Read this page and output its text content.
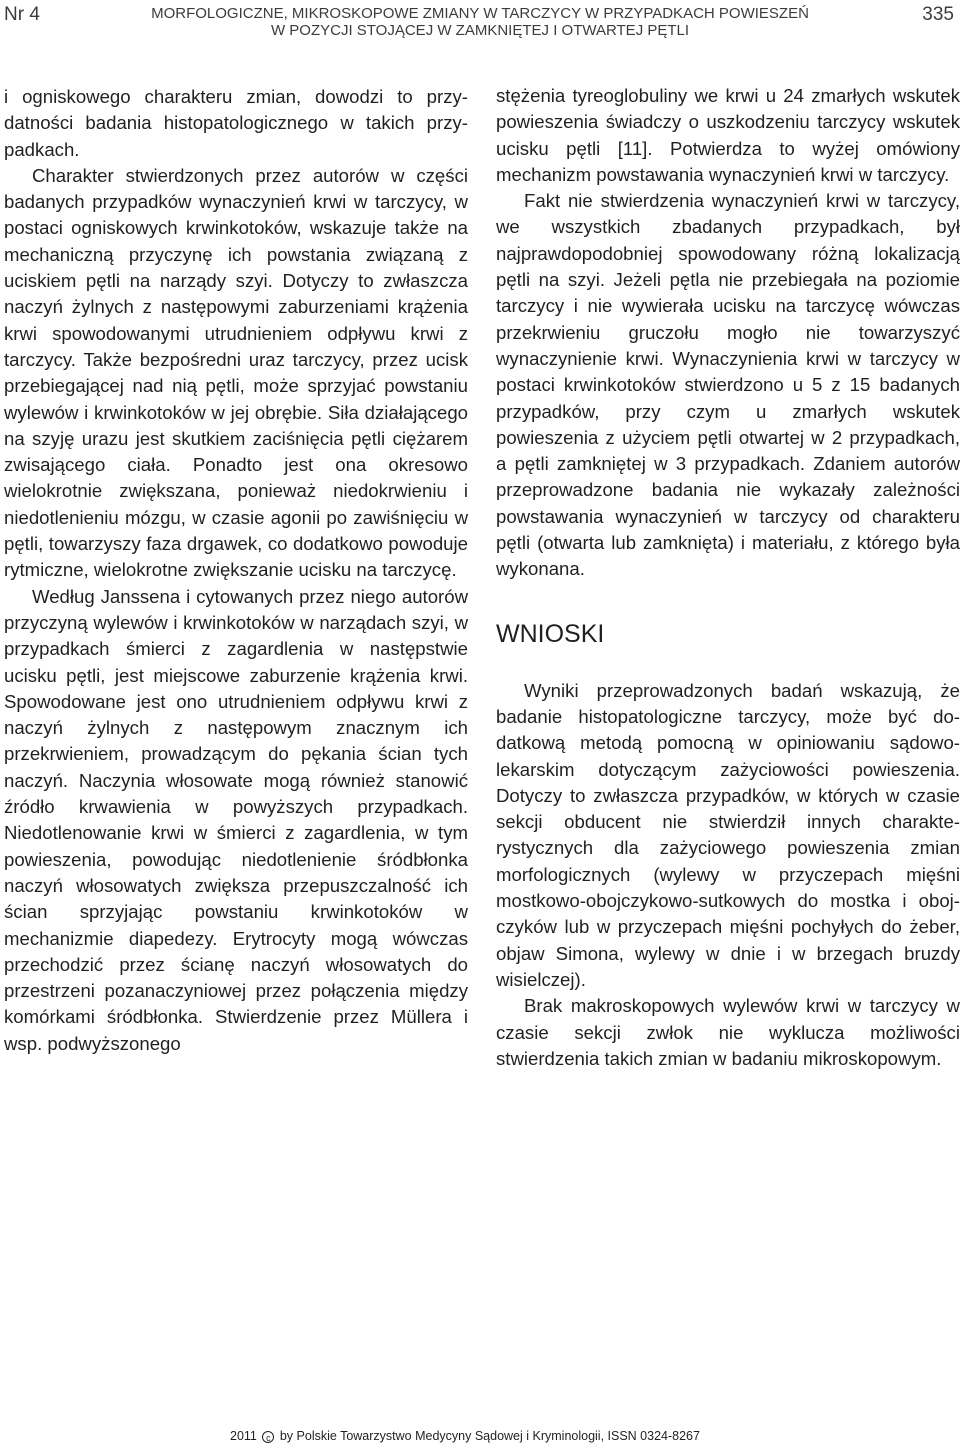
Nr 4	MORFOLOGICZNE, MIKROSKOPOWE ZMIANY W TARCZYCY W PRZYPADKACH POWIESZEŃ
W POZYCJI STOJĄCEJ W ZAMKNIĘTEJ I OTWARTEJ PĘTLI
335

i ogniskowego charakteru zmian, dowodzi to przydatności badania histopatologicznego w takich przypadkach.

Charakter stwierdzonych przez autorów w części badanych przypadków wynaczynień krwi w tarczycy, w postaci ogniskowych krwinkotoków, wskazuje także na mechaniczną przyczynę ich powstania związaną z uciskiem pętli na narządy szyi. Dotyczy to zwłaszcza naczyń żylnych z następowymi zaburzeniami krążenia krwi spowodowanymi utrudnieniem odpływu krwi z tarczycy. Także bezpośredni uraz tarczycy, przez ucisk przebiegającej nad nią pętli, może sprzyjać powstaniu wylewów i krwinkotoków w jej obrębie. Siła działającego na szyję urazu jest skutkiem zaciśnięcia pętli ciężarem zwisającego ciała. Ponadto jest ona okresowo wielokrotnie zwiększana, ponieważ niedokrwieniu i niedotlenieniu mózgu, w czasie agonii po zawiśnięciu w pętli, towarzyszy faza drgawek, co dodatkowo powoduje rytmiczne, wielokrotne zwiększanie ucisku na tarczycę.

Według Janssena i cytowanych przez niego autorów przyczyną wylewów i krwinkotoków w narządach szyi, w przypadkach śmierci z zagardlenia w następstwie ucisku pętli, jest miejscowe zaburzenie krążenia krwi. Spowodowane jest ono utrudnieniem odpływu krwi z naczyń żylnych z następowym znacznym ich przekrwieniem, prowadzącym do pękania ścian tych naczyń. Naczynia włosowate mogą również stanowić źródło krwawienia w powyższych przypadkach. Niedotlenowanie krwi w śmierci z zagardlenia, w tym powieszenia, powodując niedotlenienie śródbłonka naczyń włosowatych zwiększa przepuszczalność ich ścian sprzyjając powstaniu krwinkotoków w mechanizmie diapedezy. Erytrocyty mogą wówczas przechodzić przez ścianę naczyń włosowatych do przestrzeni pozanaczyniowej przez połączenia między komórkami śródbłonka. Stwierdzenie przez Müllera i wsp. podwyższonego

stężenia tyreoglobuliny we krwi u 24 zmarłych wskutek powieszenia świadczy o uszkodzeniu tarczycy wskutek ucisku pętli [11]. Potwierdza to wyżej omówiony mechanizm powstawania wynaczynień krwi w tarczycy.

Fakt nie stwierdzenia wynaczynień krwi w tarczycy, we wszystkich zbadanych przypadkach, był najprawdopodobniej spowodowany różną lokalizacją pętli na szyi. Jeżeli pętla nie przebiegała na poziomie tarczycy i nie wywierała ucisku na tarczycę wówczas przekrwieniu gruczołu mogło nie towarzyszyć wynaczynienie krwi. Wynaczynienia krwi w tarczycy w postaci krwinkotoków stwierdzono u 5 z 15 badanych przypadków, przy czym u zmarłych wskutek powieszenia z użyciem pętli otwartej w 2 przypadkach, a pętli zamkniętej w 3 przypadkach. Zdaniem autorów przeprowadzone badania nie wykazały zależności powstawania wynaczynień w tarczycy od charakteru pętli (otwarta lub zamknięta) i materiału, z którego była wykonana.

WNIOSKI

Wyniki przeprowadzonych badań wskazują, że badanie histopatologiczne tarczycy, może być dodatkową metodą pomocną w opiniowaniu sądowo-lekarskim dotyczącym zażyciowości powieszenia. Dotyczy to zwłaszcza przypadków, w których w czasie sekcji obducent nie stwierdził innych charakterystycznych dla zażyciowego powieszenia zmian morfologicznych (wylewy w przyczepach mięśni mostkowo-obojczykowo-sutkowych do mostka i obojczyków lub w przyczepach mięśni pochyłych do żeber, objaw Simona, wylewy w dnie i w brzegach bruzdy wisielczej).

Brak makroskopowych wylewów krwi w tarczycy w czasie sekcji zwłok nie wyklucza możliwości stwierdzenia takich zmian w badaniu mikroskopowym.

2011 c by Polskie Towarzystwo Medycyny Sądowej i Kryminologii, ISSN 0324-8267
